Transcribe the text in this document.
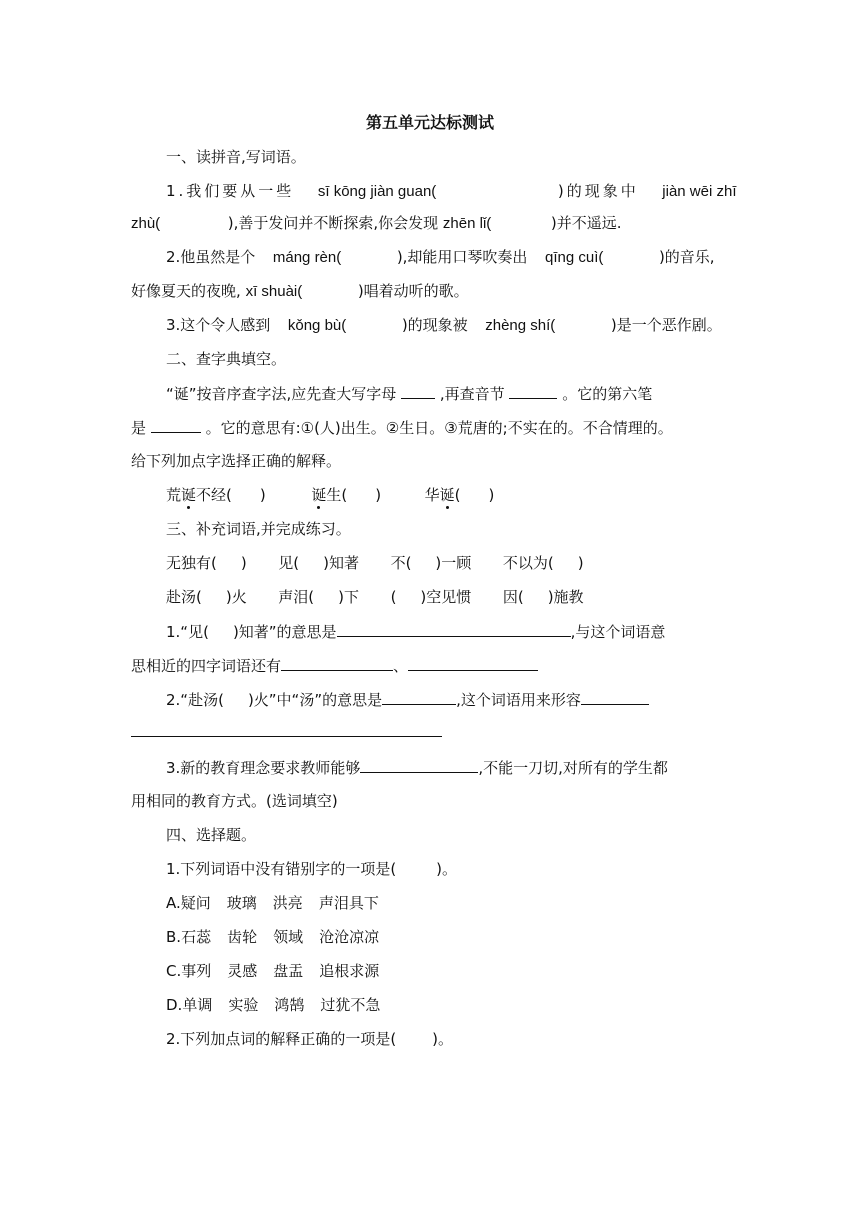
第五单元达标测试
一、读拼音,写词语。
1.我们要从一些 sī kōng jiàn guan(	)的现象中 jiàn wēi zhī
zhù(	),善于发问并不断探索,你会发现 zhēn lǐ(	)并不遥远.
2.他虽然是个 máng rèn(	),却能用口琴吹奏出 qīng cuì(	)的音乐,
好像夏天的夜晚, xī shuài(	)唱着动听的歌。
3.这个令人感到 kǒng bù(	)的现象被 zhèng shí(	)是一个恶作剧。
二、查字典填空。
“诞”按音序查字法,应先查大写字母	,再查音节	。它的第六笔
是	。它的意思有:①(人)出生。②生日。③荒唐的;不实在的。不合情理的。
给下列加点字选择正确的解释。
荒诞不经( )	诞生( )	华诞( )
三、补充词语,并完成练习。
无独有( ) 见( )知著 不( )一顾 不以为( )
赴汤( )火 声泪( )下 ( )空见惯 因( )施教
1.“见( )知著”的意思是	,与这个词语意
思相近的四字词语还有	、
2.“赴汤( )火”中“汤”的意思是	,这个词语用来形容
3.新的教育理念要求教师能够	,不能一刀切,对所有的学生都
用相同的教育方式。(选词填空)
四、选择题。
1.下列词语中没有错别字的一项是(	)。
A.疑问 玻璃 洪亮 声泪具下
B.石蕊 齿轮 领域 沧沧凉凉
C.事列 灵感 盘盂 追根求源
D.单调 实验 鸿鹄 过犹不急
2.下列加点词的解释正确的一项是( )。
